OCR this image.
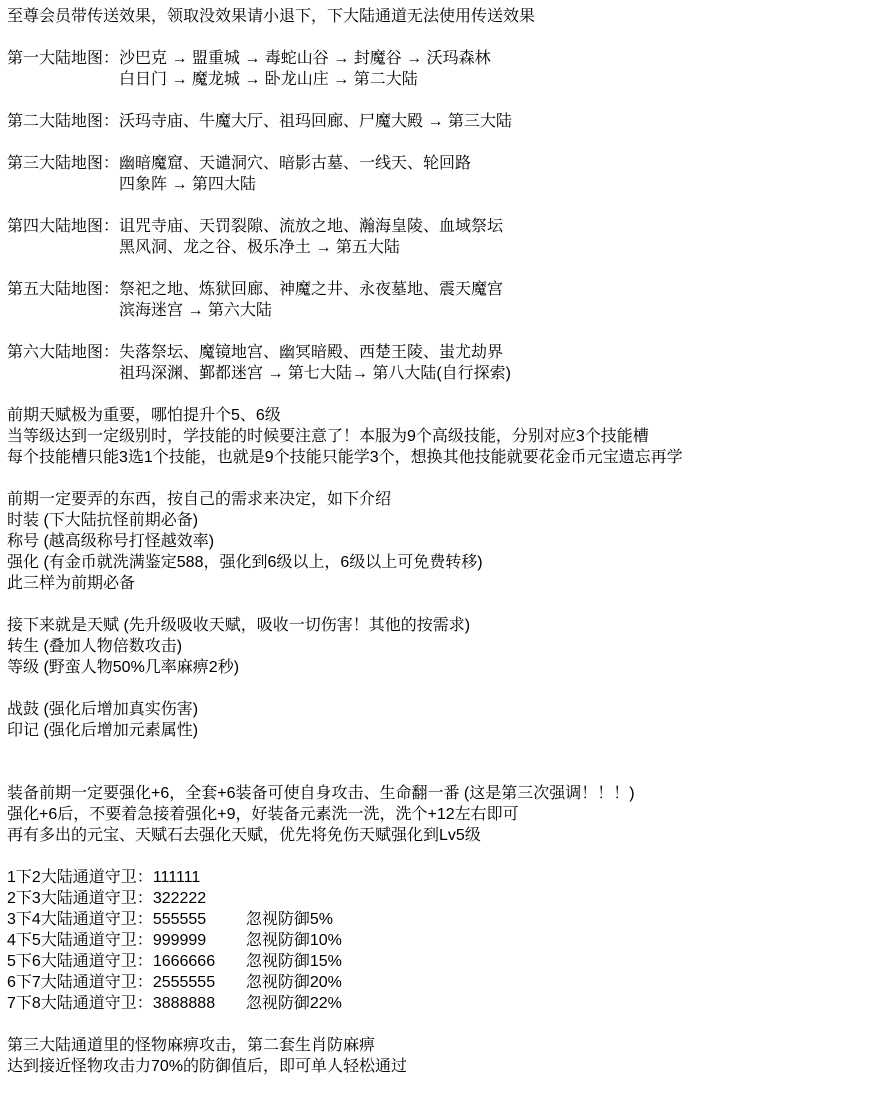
至尊会员带传送效果，领取没效果请小退下，下大陆通道无法使用传送效果
第一大陆地图： 沙巴克 → 盟重城 → 毒蛇山谷 → 封魔谷 → 沃玛森林
白日门 → 魔龙城 → 卧龙山庄 → 第二大陆
第二大陆地图： 沃玛寺庙、牛魔大厅、祖玛回廊、尸魔大殿 → 第三大陆
第三大陆地图： 幽暗魔窟、天谴洞穴、暗影古墓、一线天、轮回路
四象阵 → 第四大陆
第四大陆地图： 诅咒寺庙、天罚裂隙、流放之地、瀚海皇陵、血域祭坛
黑风洞、龙之谷、极乐净土 → 第五大陆
第五大陆地图： 祭祀之地、炼狱回廊、神魔之井、永夜墓地、震天魔宫
滨海迷宫 → 第六大陆
第六大陆地图： 失落祭坛、魔镜地宫、幽冥暗殿、西楚王陵、蚩尤劫界
祖玛深渊、鄞都迷宫 → 第七大陆→ 第八大陆(自行探索)
前期天赋极为重要，哪怕提升个5、6级
当等级达到一定级别时，学技能的时候要注意了！本服为9个高级技能，分别对应3个技能槽
每个技能槽只能3选1个技能，也就是9个技能只能学3个，想换其他技能就要花金币元宝遗忘再学
前期一定要弄的东西，按自己的需求来决定，如下介绍
时装 (下大陆抗怪前期必备)
称号 (越高级称号打怪越效率)
强化 (有金币就洗满鉴定588，强化到6级以上，6级以上可免费转移)
此三样为前期必备
接下来就是天赋 (先升级吸收天赋，吸收一切伤害！其他的按需求)
转生 (叠加人物倍数攻击)
等级 (野蛮人物50%几率麻痹2秒)
战鼓 (强化后增加真实伤害)
印记 (强化后增加元素属性)
装备前期一定要强化+6，全套+6装备可使自身攻击、生命翻一番 (这是第三次强调！！！)
强化+6后，不要着急接着强化+9，好装备元素洗一洗，洗个+12左右即可
再有多出的元宝、天赋石去强化天赋，优先将免伤天赋强化到Lv5级
1下2大陆通道守卫： 111111
2下3大陆通道守卫： 322222
3下4大陆通道守卫： 555555	忽视防御5%
4下5大陆通道守卫： 999999	忽视防御10%
5下6大陆通道守卫： 1666666	忽视防御15%
6下7大陆通道守卫： 2555555	忽视防御20%
7下8大陆通道守卫： 3888888	忽视防御22%
第三大陆通道里的怪物麻痹攻击，第二套生肖防麻痹
达到接近怪物攻击力70%的防御值后，即可单人轻松通过
